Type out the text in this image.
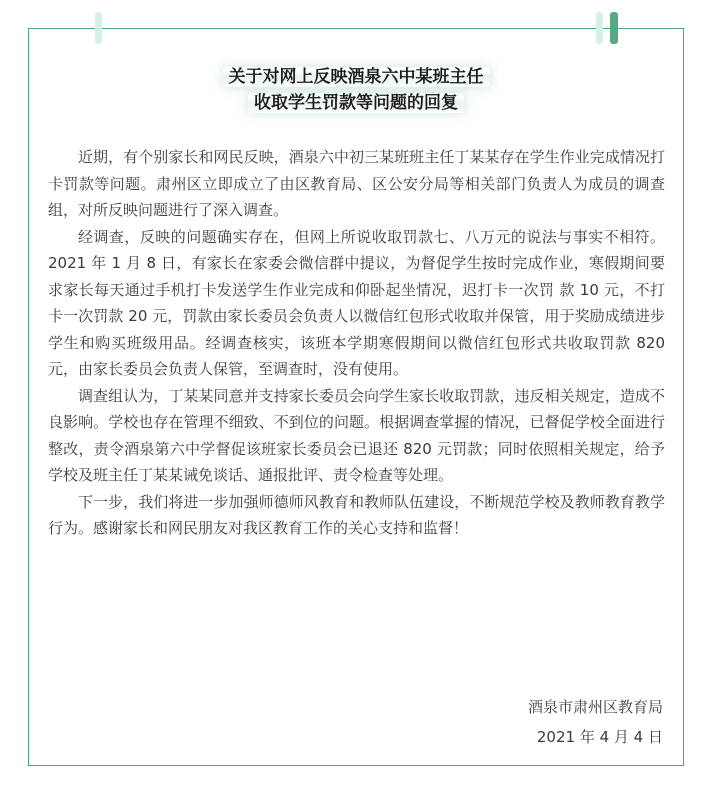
关于对网上反映酒泉六中某班主任
收取学生罚款等问题的回复

近期，有个别家长和网民反映，酒泉六中初三某班班主任丁某某存在学生作业完成情况打卡罚款等问题。肃州区立即成立了由区教育局、区公安分局等相关部门负责人为成员的调查组，对所反映问题进行了深入调查。

经调查，反映的问题确实存在，但网上所说收取罚款七、八万元的说法与事实不相符。2021 年 1 月 8 日，有家长在家委会微信群中提议，为督促学生按时完成作业，寒假期间要求家长每天通过手机打卡发送学生作业完成和仰卧起坐情况，迟打卡一次罚 款 10 元，不打卡一次罚款 20 元，罚款由家长委员会负责人以微信红包形式收取并保管，用于奖励成绩进步学生和购买班级用品。经调查核实，该班本学期寒假期间以微信红包形式共收取罚款 820 元，由家长委员会负责人保管，至调查时，没有使用。

调查组认为，丁某某同意并支持家长委员会向学生家长收取罚款，违反相关规定，造成不良影响。学校也存在管理不细致、不到位的问题。根据调查掌握的情况，已督促学校全面进行整改，责令酒泉第六中学督促该班家长委员会已退还 820 元罚款；同时依照相关规定，给予学校及班主任丁某某诫免谈话、通报批评、责令检查等处理。

下一步，我们将进一步加强师德师风教育和教师队伍建设，不断规范学校及教师教育教学行为。感谢家长和网民朋友对我区教育工作的关心支持和监督！

酒泉市肃州区教育局
2021 年 4 月 4 日
